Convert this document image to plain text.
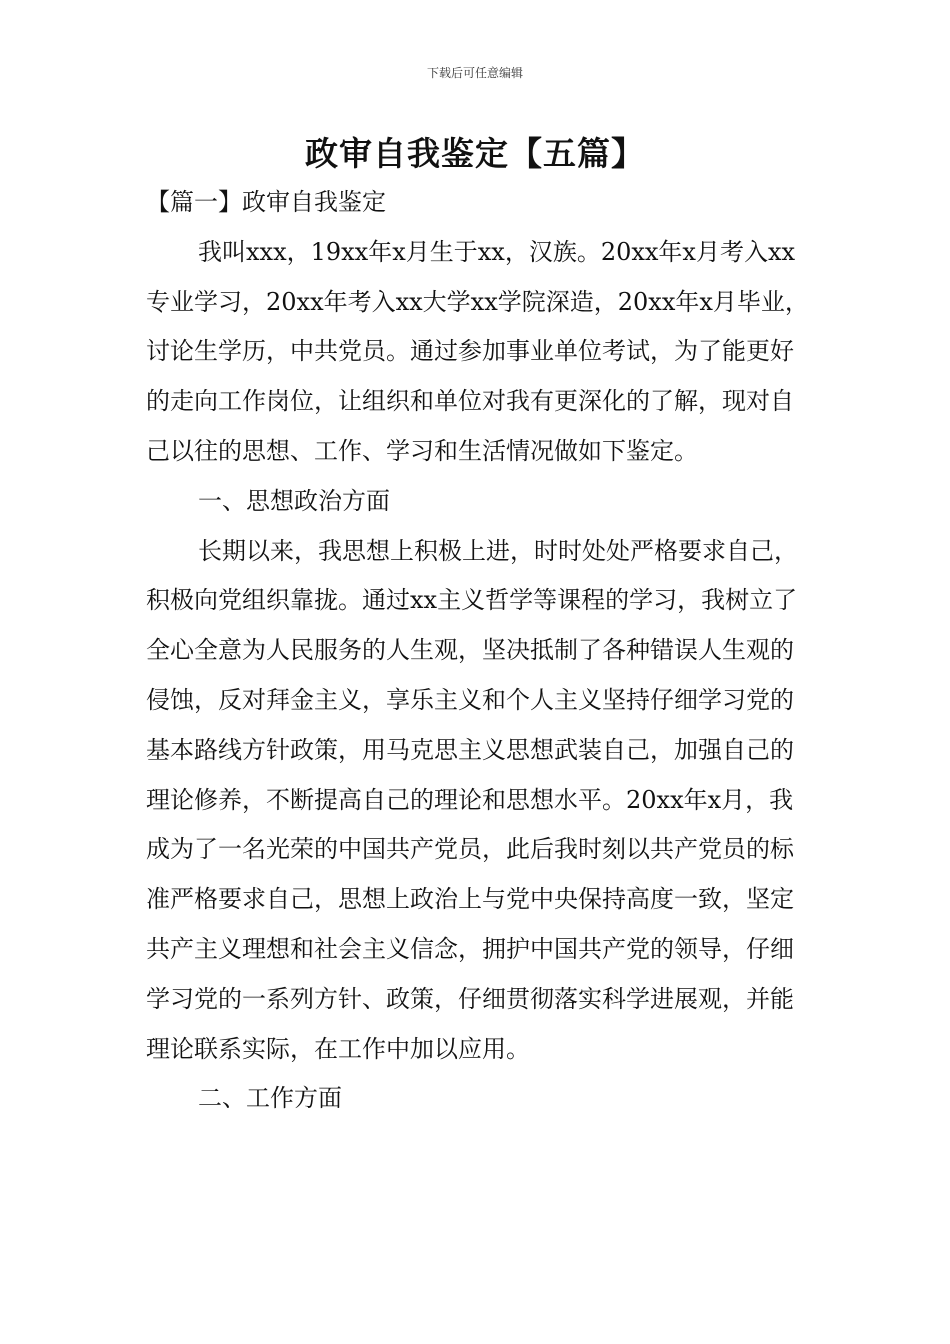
下载后可任意编辑
政审自我鉴定【五篇】

【篇一】政审自我鉴定

我叫xxx，19xx年x月生于xx，汉族。20xx年x月考入xx专业学习，20xx年考入xx大学xx学院深造，20xx年x月毕业，讨论生学历，中共党员。通过参加事业单位考试，为了能更好的走向工作岗位，让组织和单位对我有更深化的了解，现对自己以往的思想、工作、学习和生活情况做如下鉴定。

一、思想政治方面

长期以来，我思想上积极上进，时时处处严格要求自己，积极向党组织靠拢。通过xx主义哲学等课程的学习，我树立了全心全意为人民服务的人生观，坚决抵制了各种错误人生观的侵蚀，反对拜金主义，享乐主义和个人主义坚持仔细学习党的基本路线方针政策，用马克思主义思想武装自己，加强自己的理论修养，不断提高自己的理论和思想水平。20xx年x月，我成为了一名光荣的中国共产党员，此后我时刻以共产党员的标准严格要求自己，思想上政治上与党中央保持高度一致，坚定共产主义理想和社会主义信念，拥护中国共产党的领导，仔细学习党的一系列方针、政策，仔细贯彻落实科学进展观，并能理论联系实际，在工作中加以应用。

二、工作方面
